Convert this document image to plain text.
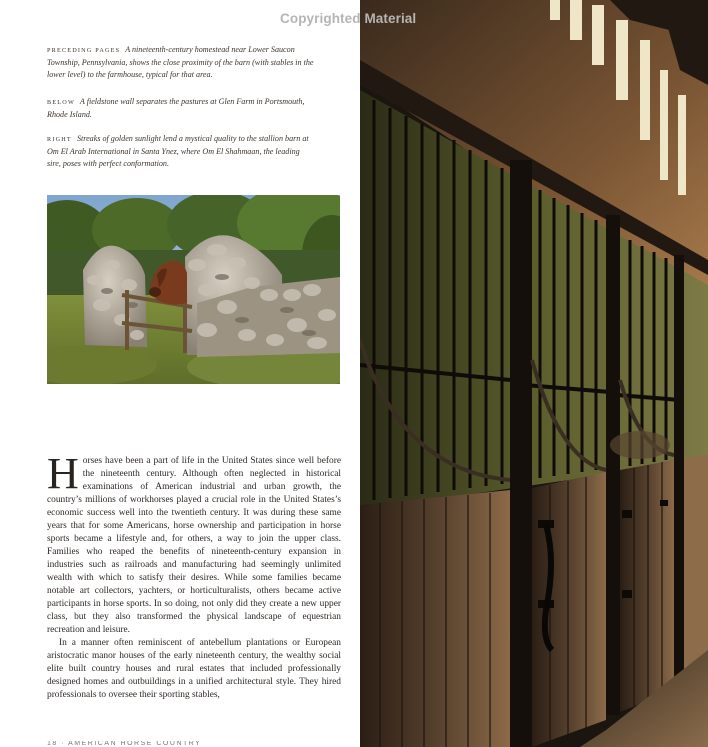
Copyrighted Material
PRECEDING PAGES A nineteenth-century homestead near Lower Saucon Township, Pennsylvania, shows the close proximity of the barn (with stables in the lower level) to the farmhouse, typical for that area.
BELOW A fieldstone wall separates the pastures at Glen Farm in Portsmouth, Rhode Island.
RIGHT Streaks of golden sunlight lend a mystical quality to the stallion barn at Om El Arab International in Santa Ynez, where Om El Shahmaan, the leading sire, poses with perfect conformation.

H orses have been a part of life in the United States since well before the nineteenth century. Although often neglected in historical examinations of American industrial and urban growth, the country’s millions of workhorses played a crucial role in the United States’s economic success well into the twentieth century. It was during these same years that for some Americans, horse ownership and participation in horse sports became a lifestyle and, for others, a way to join the upper class. Families who reaped the benefits of nineteenth-century expansion in industries such as railroads and manufacturing had seemingly unlimited wealth with which to satisfy their desires. While some families became notable art collectors, yachters, or horticulturalists, others became active participants in horse sports. In so doing, not only did they create a new upper class, but they also transformed the physical landscape of equestrian recreation and leisure.

In a manner often reminiscent of antebellum plantations or European aristocratic manor houses of the early nineteenth century, the wealthy social elite built country houses and rural estates that included professionally designed homes and outbuildings in a unified architectural style. They hired professionals to oversee their sporting stables,

18 · AMERICAN HORSE COUNTRY
